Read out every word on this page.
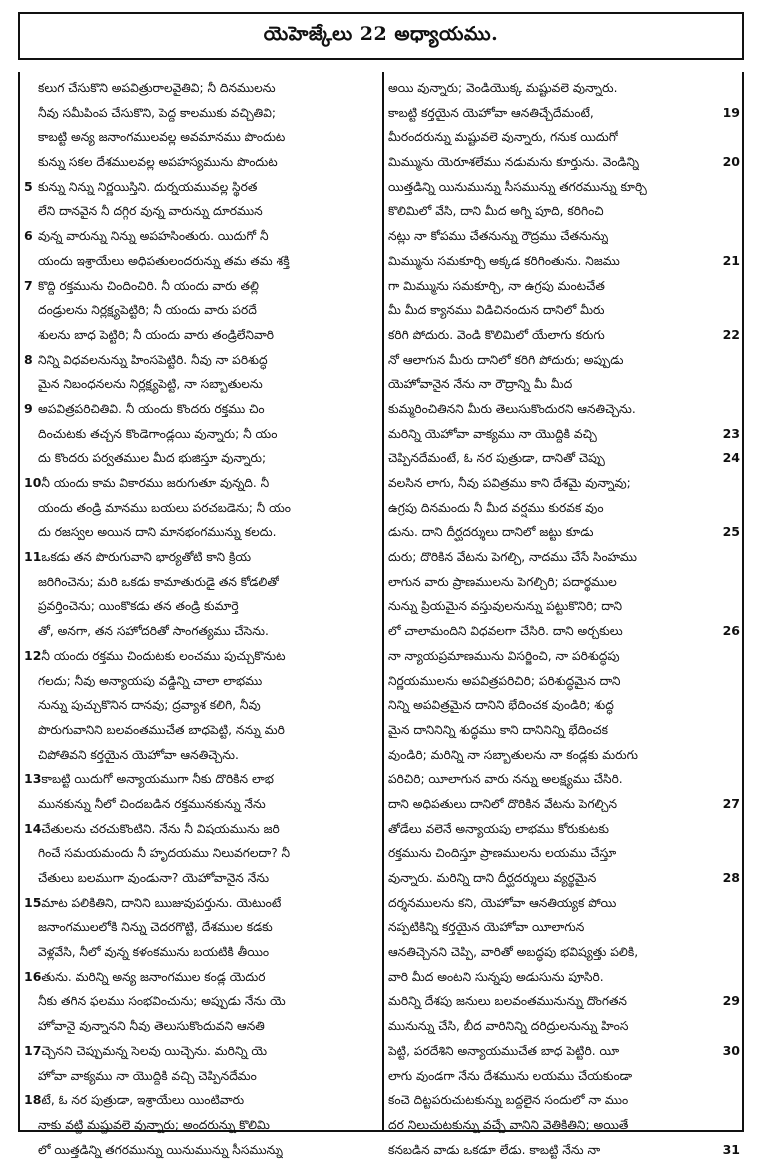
యెహెజ్కేలు 22 అధ్యాయము.
కలుగ చేసుకొని అపవిత్రురాలవైతివి; నీ దినములను
నీవు సమీపింప చేసుకొని, పెద్ద కాలముకు వచ్చితివి;
కాబట్టి అన్య జనాంగములవల్ల అవమానము పొందుట
కున్ను సకల దేశములవల్ల అపహస్యమును పొందుట
5 కున్ను నిన్ను నిర్ణయిస్తిని. దుర్నయమువల్ల స్థిరత
లేని దానవైన నీ దగ్గిర వున్న వారున్ను దూరమున
6 వున్న వారున్ను నిన్ను అపహసింతురు. యిదుగో నీ
యందు ఇశ్రాయేలు అధిపతులందరున్ను తమ తమ శక్తి
7 కొద్ది రక్తమును చిందించిరి. నీ యందు వారు తల్లి
దండ్రులను నిర్లక్ష్యపెట్టిరి; నీ యందు వారు పరదే
శులను బాధ పెట్టిరి; నీ యందు వారు తండ్రిలేనివారి
8 నిన్ని విధవలనున్ను హింసపెట్టిరి. నీవు నా పరిశుద్ధ
మైన నిబంధనలను నిర్లక్ష్యపెట్టి, నా సబ్బాతులను
9 అపవిత్రపరిచితివి. నీ యందు కొందరు రక్తము చిం
దించుటకు తచ్చన కొండెగాండ్లయి వున్నారు; నీ యం
దు కొందరు పర్వతముల మీద భుజిస్తూ వున్నారు;
10 నీ యందు కామ వికారము జరుగుతూ వున్నది. నీ
యందు తండ్రి మానము బయలు పరచబడెను; నీ యం
దు రజస్వల అయిన దాని మానభంగమున్ను కలదు.
11 ఒకడు తన పొరుగువాని భార్యతోటి కాని క్రియ
జరిగించెను; మరి ఒకడు కామాతురుడై తన కోడలితో
ప్రవర్తించెను; యింకొకడు తన తండ్రి కుమార్తె
తో, అనగా, తన సహోదరితో సాంగత్యము చేసెను.
12 నీ యందు రక్తము చిందుటకు లంచము పుచ్చుకొనుట
గలదు; నీవు అన్యాయపు వడ్డిన్ని చాలా లాభము
నున్ను పుచ్చుకొనిన దానవు; ద్రవ్యాశ కలిగి, నీవు
పొరుగువానిని బలవంతముచేత బాధపెట్టి, నన్ను మరి
చిపోతివని కర్తయైన యెహోవా ఆనతిచ్చెను.
13 కాబట్టి యిదుగో అన్యాయముగా నీకు దొరికిన లాభ
మునకున్ను నీలో చిందబడిన రక్తమునకున్ను నేను
14 చేతులను చరచుకొంటిని. నేను నీ విషయమును జరి
గించే సమయమందు నీ హృదయము నిలువగలదా? నీ
చేతులు బలముగా వుండునా? యెహోవానైన నేను
15 మాట పలికితిని, దానిని ఋజువుపర్తును. యెటుంటే
జనాంగములలోకి నిన్ను చెదరగొట్టి, దేశముల కడకు
వెళ్లవేసి, నీలో వున్న కళంకమును బయటికి తీయిం
16 తును. మరిన్ని అన్య జనాంగముల కండ్ల యెదుర
నీకు తగిన ఫలము సంభవించును; అప్పుడు నేను యె
హోవానై వున్నానని నీవు తెలుసుకొందువని ఆనతి
17 చ్చెనని చెప్పుమన్న సెలవు యిచ్చెను. మరిన్ని యె
హోవా వాక్యము నా యొద్దికి వచ్చి చెప్పినదేమం
18 టే, ఓ నర పుత్రుడా, ఇశ్రాయేలు యింటివారు
నాకు వట్టి మష్టువలె వున్నారు; అందరున్ను కొలిమి
లో యిత్తడిన్ని తగరమున్ను యినుమున్ను సీసమున్ను
అయి వున్నారు; వెండియొక్క మష్టువలె వున్నారు.
కాబట్టి కర్తయైన యెహోవా ఆనతిచ్చేదేమంటే,	19
మీరందరున్ను మష్టువలె వున్నారు, గనుక యిదుగో
మిమ్మును యెరూశలేము నడుమను కూర్తును. వెండిన్ని	20
యిత్తడిన్ని యినుమున్ను సీసమున్ను తగరమున్ను కూర్చి
కొలిమిలో వేసి, దాని మీద అగ్ని పూది, కరిగించి
నట్లు నా కోపము చేతనున్ను రౌద్రము చేతనున్ను
మిమ్మును సమకూర్చి అక్కడ కరిగింతును. నిజము	21
గా మిమ్మును సమకూర్చి, నా ఉగ్రపు మంటచేత
మీ మీద క్యానము విడిచినందున దానిలో మీరు
కరిగి పోదురు. వెండి కొలిమిలో యేలాగు కరుగు	22
నో ఆలాగున మీరు దానిలో కరిగి పోదురు; అప్పుడు
యెహోవానైన నేను నా రౌద్రాన్ని మీ మీద
కుమ్మరించితినని మీరు తెలుసుకొందురని ఆనతిచ్చెను.
మరిన్ని యెహోవా వాక్యము నా యొద్దికి వచ్చి	23
చెప్పినదేమంటే, ఓ నర పుత్రుడా, దానితో చెప్పు	24
వలసిన లాగు, నీవు పవిత్రము కాని దేశమై వున్నావు;
ఉగ్రపు దినమందు నీ మీద వర్షము కురవక వుం
డును. దాని దీర్ఘదర్శులు దానిలో జట్టు కూడు	25
దురు; దొరికిన వేటను పెగల్చి, నాదము చేసే సింహము
లాగున వారు ప్రాణములను పెగల్చిరి; పదార్థముల
నున్ను ప్రియమైన వస్తువులనున్ను పట్టుకొనిరి; దాని
లో చాలామందిని విధవలగా చేసిరి. దాని అర్చకులు	26
నా న్యాయప్రమాణమును విసర్జించి, నా పరిశుద్ధపు
నిర్ణయములను అపవిత్రపరిచిరి; పరిశుద్ధమైన దాని
నిన్ని అపవిత్రమైన దానిని భేదించక వుండిరి; శుద్ధ
మైన దానినిన్ని శుద్ధము కాని దానినిన్ని భేదించక
వుండిరి; మరిన్ని నా సబ్బాతులను నా కండ్లకు మరుగు
పరిచిరి; యీలాగున వారు నన్ను అలక్ష్యము చేసిరి.
దాని అధిపతులు దానిలో దొరికిన వేటను పెగల్చిన	27
తోడేలు వలెనే అన్యాయపు లాభము కోరుకుటకు
రక్తమును చిందిస్తూ ప్రాణములను లయము చేస్తూ
వున్నారు. మరిన్ని దాని దీర్ఘదర్శులు వ్యర్థమైన	28
దర్శనములను కని, యెహోవా ఆనతియ్యక పోయి
నప్పటికిన్ని కర్తయైన యెహోవా యీలాగున
ఆనతిచ్చెనని చెప్పి, వారితో అబద్ధపు భవిష్యత్తు పలికి,
వారి మీద అంటని సున్నపు అడుసును పూసిరి.
మరిన్ని దేశపు జనులు బలవంతమునున్ను దొంగతన	29
మునున్ను చేసి, బీద వారినిన్ని దరిద్రులనున్ను హింస
పెట్టి, పరదేశిని అన్యాయముచేత బాధ పెట్టిరి. యీ	30
లాగు వుండగా నేను దేశమును లయము చేయకుండా
కంచె దిట్టపరుచుటకున్ను బద్దలైన సందులో నా ముం
దర నిలుచుటకున్ను వచ్చే వానిని వెతికితిని; అయితే
కనబడిన వాడు ఒకడూ లేడు. కాబట్టి నేను నా	31
